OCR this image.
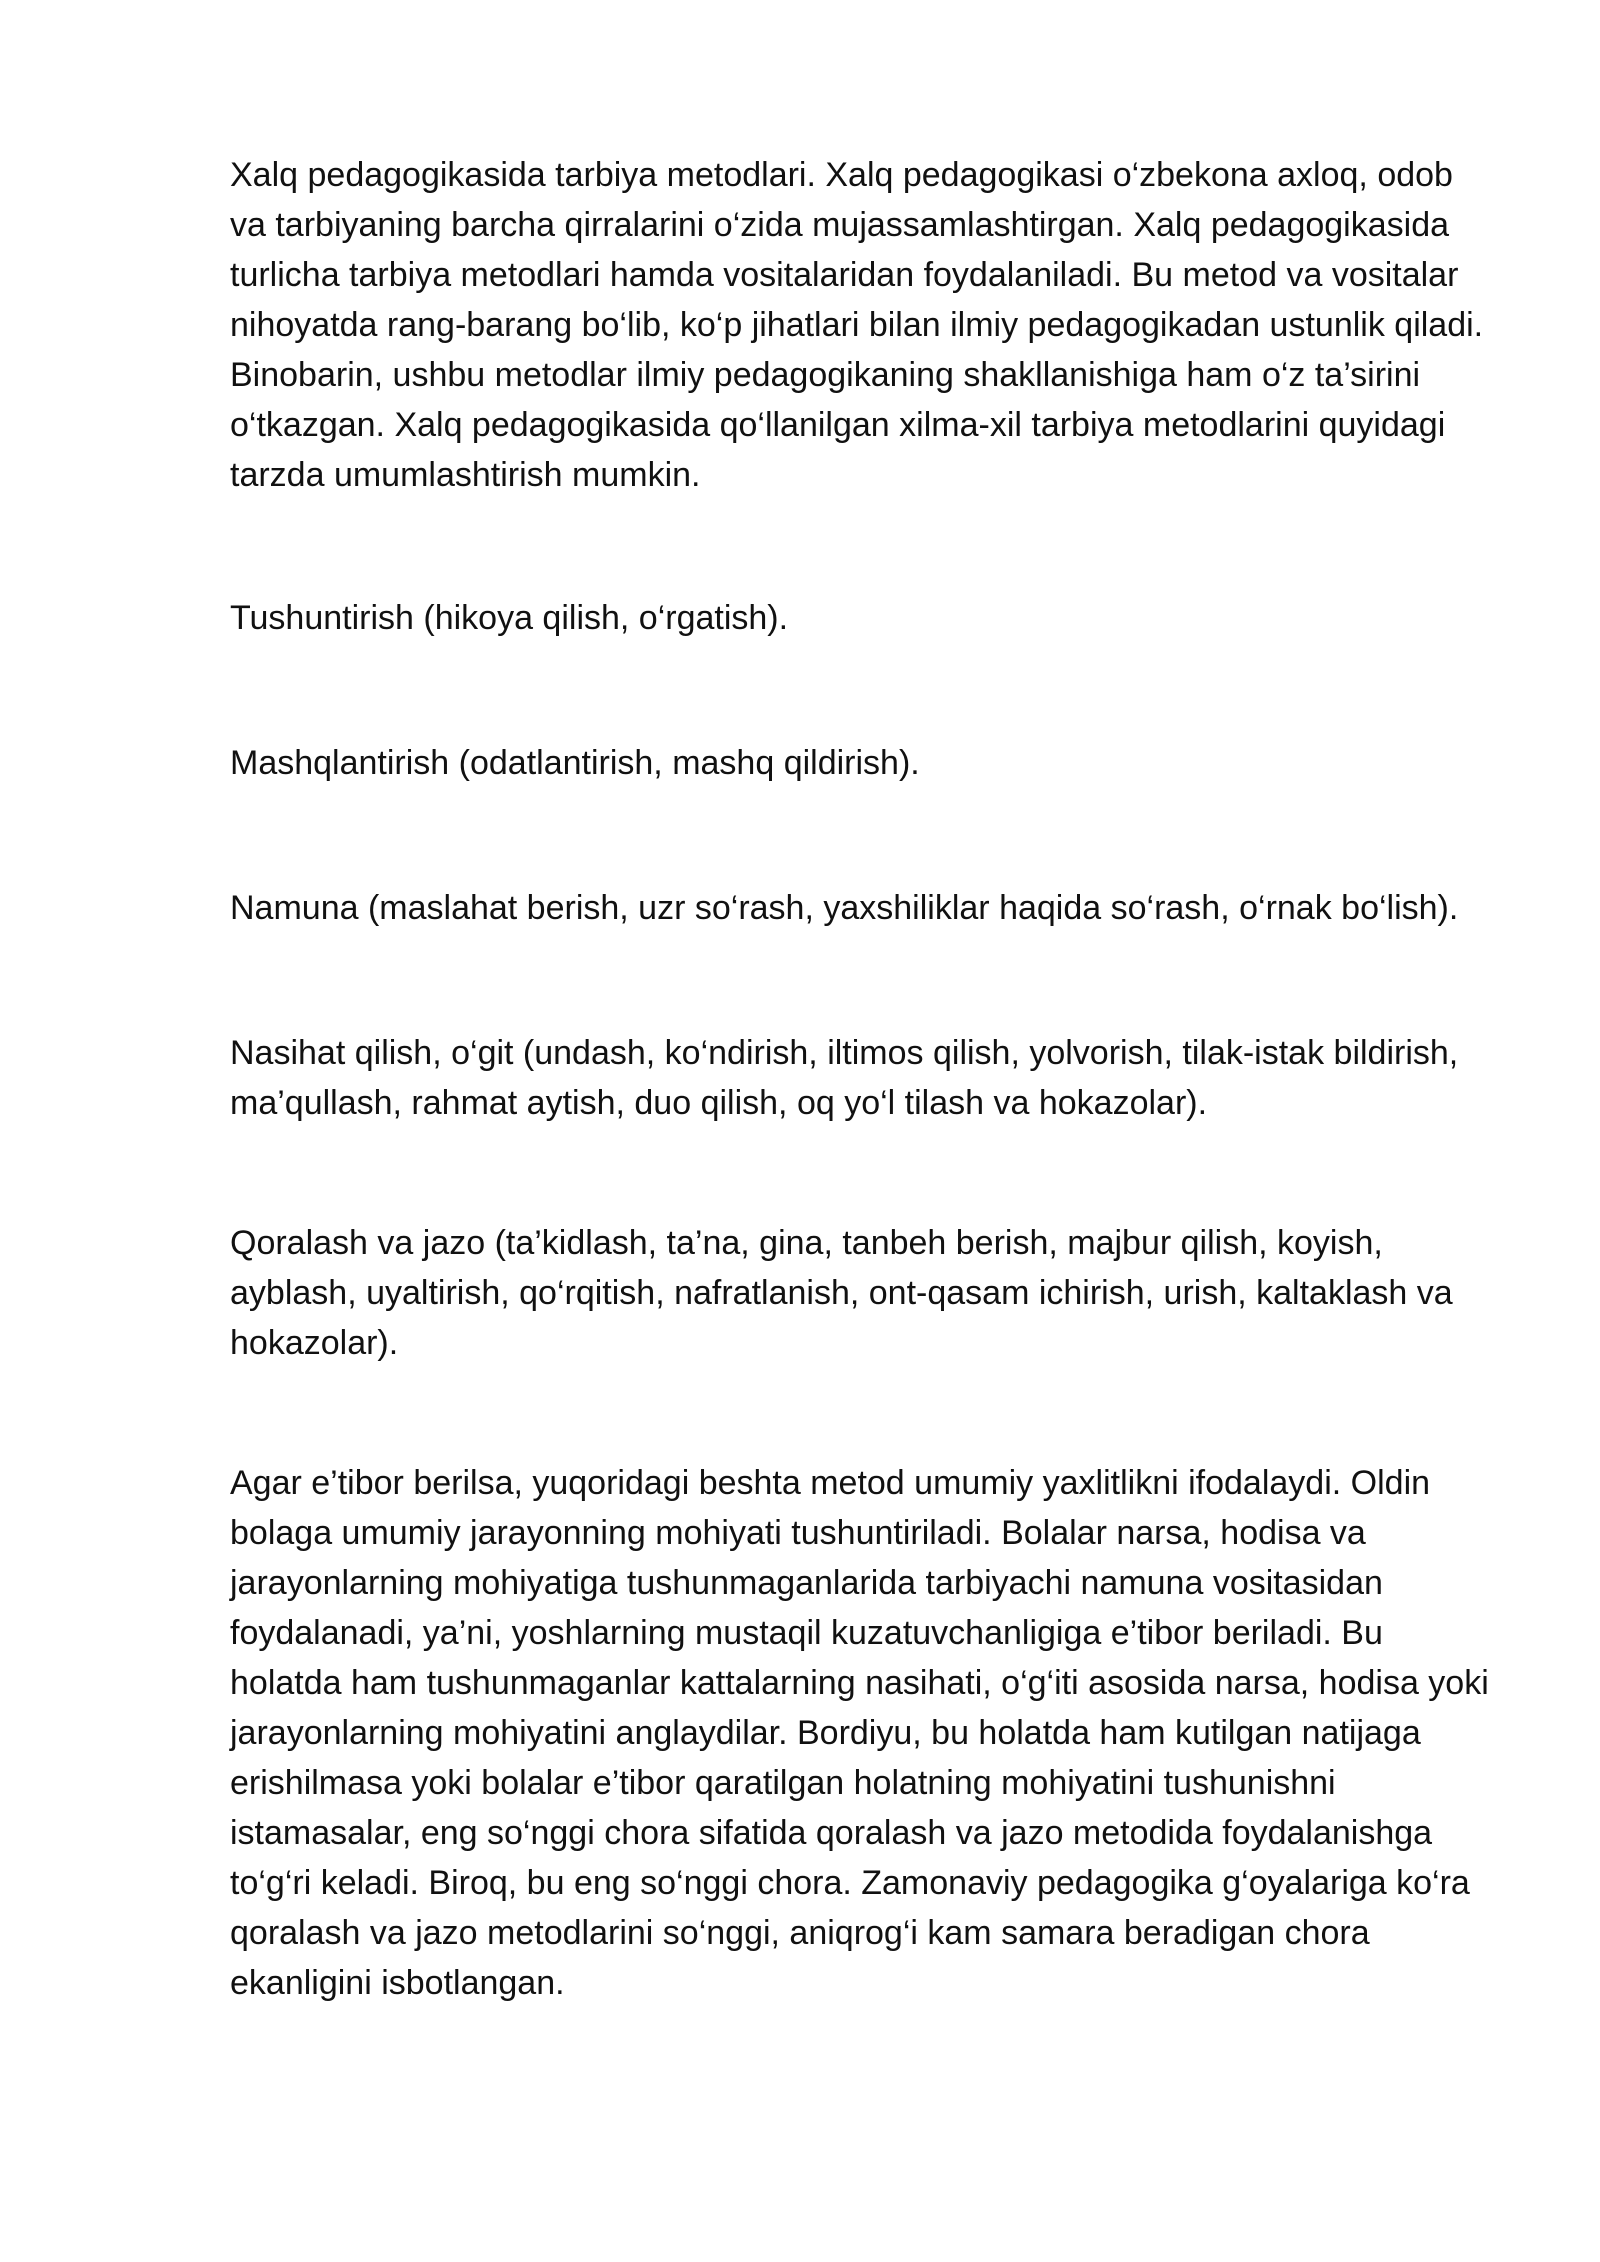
Xalq pedagogikasida tarbiya metodlari. Xalq pedagogikasi o‘zbekona axloq, odob va tarbiyaning barcha qirralarini o‘zida mujassamlashtirgan. Xalq pedagogikasida turlicha tarbiya metodlari hamda vositalaridan foydalaniladi. Bu metod va vositalar nihoyatda rang-barang bo‘lib, ko‘p jihatlari bilan ilmiy pedagogikadan ustunlik qiladi. Binobarin, ushbu metodlar ilmiy pedagogikaning shakllanishiga ham o‘z ta’sirini o‘tkazgan. Xalq pedagogikasida qo‘llanilgan xilma-xil tarbiya metodlarini quyidagi tarzda umumlashtirish mumkin.

Tushuntirish (hikoya qilish, o‘rgatish).

Mashqlantirish (odatlantirish, mashq qildirish).

Namuna (maslahat berish, uzr so‘rash, yaxshiliklar haqida so‘rash, o‘rnak bo‘lish).

Nasihat qilish, o‘git (undash, ko‘ndirish, iltimos qilish, yolvorish, tilak-istak bildirish, ma’qullash, rahmat aytish, duo qilish, oq yo‘l tilash va hokazolar).

Qoralash va jazo (ta’kidlash, ta’na, gina, tanbeh berish, majbur qilish, koyish, ayblash, uyaltirish, qo‘rqitish, nafratlanish, ont-qasam ichirish, urish, kaltaklash va hokazolar).

Agar e’tibor berilsa, yuqoridagi beshta metod umumiy yaxlitlikni ifodalaydi. Oldin bolaga umumiy jarayonning mohiyati tushuntiriladi. Bolalar narsa, hodisa va jarayonlarning mohiyatiga tushunmaganlarida tarbiyachi namuna vositasidan foydalanadi, ya’ni, yoshlarning mustaqil kuzatuvchanligiga e’tibor beriladi. Bu holatda ham tushunmaganlar kattalarning nasihati, o‘g‘iti asosida narsa, hodisa yoki jarayonlarning mohiyatini anglaydilar. Bordiyu, bu holatda ham kutilgan natijaga erishilmasa yoki bolalar e’tibor qaratilgan holatning mohiyatini tushunishni istamasalar, eng so‘nggi chora sifatida qoralash va jazo metodida foydalanishga to‘g‘ri keladi. Biroq, bu eng so‘nggi chora. Zamonaviy pedagogika g‘oyalariga ko‘ra qoralash va jazo metodlarini so‘nggi, aniqrog‘i kam samara beradigan chora ekanligini isbotlangan.
